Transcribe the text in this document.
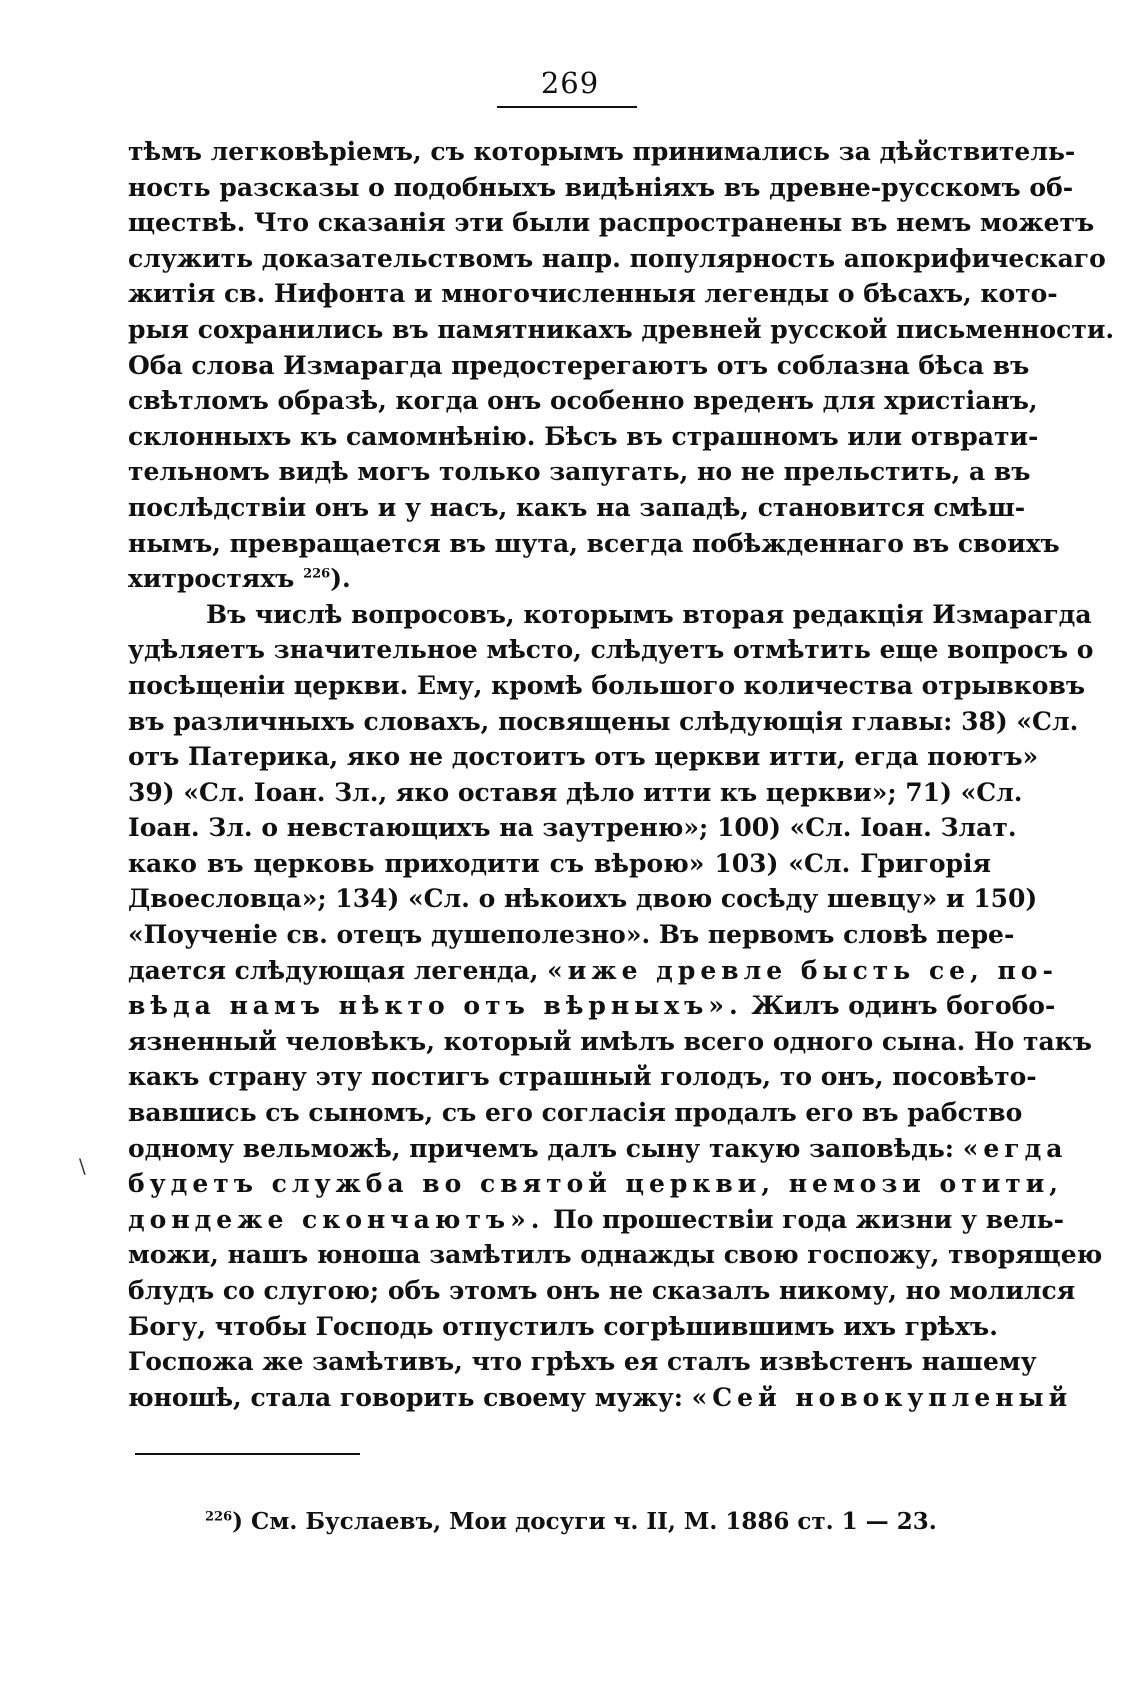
269
тѣмъ легковѣріемъ, съ которымъ принимались за дѣйствитель-
ность разсказы о подобныхъ видѣніяхъ въ древне-русскомъ об-
ществѣ. Что сказанія эти были распространены въ немъ можетъ
служить доказательствомъ напр. популярность апокрифическаго
житія св. Нифонта и многочисленныя легенды о бѣсахъ, кото-
рыя сохранились въ памятникахъ древней русской письменности.
Оба слова Измарагда предостерегаютъ отъ соблазна бѣса въ
свѣтломъ образѣ, когда онъ особенно вреденъ для христіанъ,
склонныхъ къ самомнѣнію. Бѣсъ въ страшномъ или отврати-
тельномъ видѣ могъ только запугать, но не прельстить, а въ
послѣдствіи онъ и у насъ, какъ на западѣ, становится смѣш-
нымъ, превращается въ шута, всегда побѣжденнаго въ своихъ
хитростяхъ $^{226}$).
Въ числѣ вопросовъ, которымъ вторая редакція Измарагда
удѣляетъ значительное мѣсто, слѣдуетъ отмѣтить еще вопросъ о
посѣщеніи церкви. Ему, кромѣ большого количества отрывковъ
въ различныхъ словахъ, посвящены слѣдующія главы: 38) «Сл.
отъ Патерика, яко не достоитъ отъ церкви итти, егда поютъ»
39) «Сл. Іоан. Зл., яко оставя дѣло итти къ церкви»; 71) «Сл.
Іоан. Зл. о невстающихъ на заутреню»; 100) «Сл. Іоан. Злат.
како въ церковь приходити съ вѣрою» 103) «Сл. Григорія
Двоесловца»; 134) «Сл. о нѣкоихъ двою сосѣду шевцу» и 150)
«Поученіе св. отецъ душеполезно». Въ первомъ словѣ пере-
дается слѣдующая легенда, «иже древле бысть се, по-
вѣда намъ нѣкто отъ вѣрныхъ». Жилъ одинъ богобо-
язненный человѣкъ, который имѣлъ всего одного сына. Но такъ
какъ страну эту постигъ страшный голодъ, то онъ, посовѣто-
вавшись съ сыномъ, съ его согласія продалъ его въ рабство
одному вельможѣ, причемъ далъ сыну такую заповѣдь: «егда
будетъ служба во святой церкви, немози отити,
дондеже скончаютъ». По прошествіи года жизни у вель-
можи, нашъ юноша замѣтилъ однажды свою госпожу, творящею
блудъ со слугою; объ этомъ онъ не сказалъ никому, но молился
Богу, чтобы Господь отпустилъ согрѣшившимъ ихъ грѣхъ.
Госпожа же замѣтивъ, что грѣхъ ея сталъ извѣстенъ нашему
юношѣ, стала говорить своему мужу: «Сей новокупленый
\
$^{226}$) См. Буслаевъ, Мои досуги ч. II, М. 1886 ст. 1 — 23.
